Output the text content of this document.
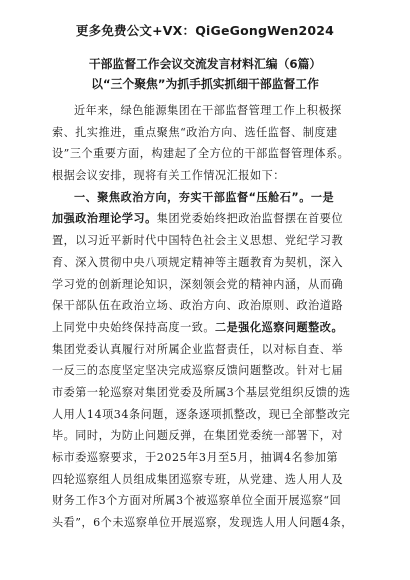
更多免费公文+VX：QiGeGongWen2024
干部监督工作会议交流发言材料汇编（6篇）
以“三个聚焦”为抓手抓实抓细干部监督工作
近年来，绿色能源集团在干部监督管理工作上积极探
索、扎实推进，重点聚焦“政治方向、选任监督、制度建
设”三个重要方面，构建起了全方位的干部监督管理体系。
根据会议安排，现将有关工作情况汇报如下：
一、聚焦政治方向，夯实干部监督“压舱石”。一是
加强政治理论学习。集团党委始终把政治监督摆在首要位
置，以习近平新时代中国特色社会主义思想、党纪学习教
育、深入贯彻中央八项规定精神等主题教育为契机，深入
学习党的创新理论知识，深刻领会党的精神内涵，从而确
保干部队伍在政治立场、政治方向、政治原则、政治道路
上同党中央始终保持高度一致。二是强化巡察问题整改。
集团党委认真履行对所属企业监督责任，以对标自查、举
一反三的态度坚定坚决完成巡察反馈问题整改。针对七届
市委第一轮巡察对集团党委及所属3个基层党组织反馈的选
人用人14项34条问题，逐条逐项抓整改，现已全部整改完
毕。同时，为防止问题反弹，在集团党委统一部署下，对
标市委巡察要求，于2025年3月至5月，抽调4名参加第
四轮巡察组人员组成集团巡察专班，从党建、选人用人及
财务工作3个方面对所属3个被巡察单位全面开展巡察“回
头看”，6个未巡察单位开展巡察，发现选人用人问题4条，
